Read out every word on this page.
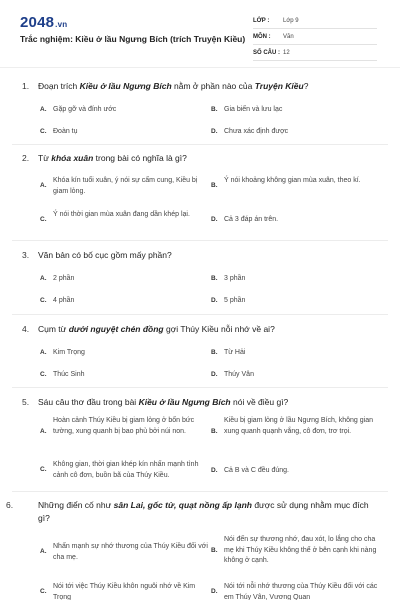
2048.vn
Trắc nghiệm: Kiều ở lầu Ngưng Bích (trích Truyện Kiều)
LỚP : Lớp 9
MÔN : Văn
SỐ CÂU : 12
1. Đoạn trích Kiều ở lầu Ngưng Bích nằm ở phần nào của Truyện Kiều?
A. Gặp gỡ và đính ước	B. Gia biến và lưu lạc
C. Đoàn tụ	D. Chưa xác định được
2. Từ khóa xuân trong bài có nghĩa là gì?
A.
Khóa kín tuổi xuân, ý nói sự cấm cung, Kiều bị giam lỏng.
B.
Ý nói khoảng không gian mùa xuân, theo kí.
C.
Ý nói thời gian mùa xuân đang dần khép lại.
D. Cả 3 đáp án trên.
3. Văn bản có bố cục gồm mấy phần?
A. 2 phần	B. 3 phần
C. 4 phần	D. 5 phần
4. Cụm từ dưới nguyệt chén đồng gợi Thúy Kiều nỗi nhớ về ai?
A. Kim Trọng	B. Từ Hải
C. Thúc Sinh	D. Thúy Vân
5. Sáu câu thơ đầu trong bài Kiều ở lầu Ngưng Bích nói về điều gì?
A.
Hoàn cảnh Thúy Kiều bị giam lỏng ở bốn bức tường, xung quanh bị bao phủ bởi núi non.	B.
Kiều bị giam lỏng ở lầu Ngưng Bích, không gian xung quanh quạnh vắng, cô đơn, trơ trọi.
C.
Không gian, thời gian khép kín nhấn mạnh tình cảnh cô đơn, buồn bã của Thúy Kiều.
D. Cả B và C đều đúng.
6.	Những điển cố như sân Lai, gốc tử, quạt nồng ấp lạnh được sử dụng nhằm mục đích gì?
A.
Nhấn mạnh sự nhớ thương của Thúy Kiều đối với cha mẹ.
B.
Nói đến sự thương nhớ, đau xót, lo lắng cho cha mẹ khi Thúy Kiều không thể ở bên cạnh khi nàng không ở cạnh.
C.
Nói tới việc Thúy Kiều khôn nguôi nhớ về Kim Trọng
D.
Nói tới nỗi nhớ thương của Thúy Kiều đối với các em Thúy Vân, Vương Quan
